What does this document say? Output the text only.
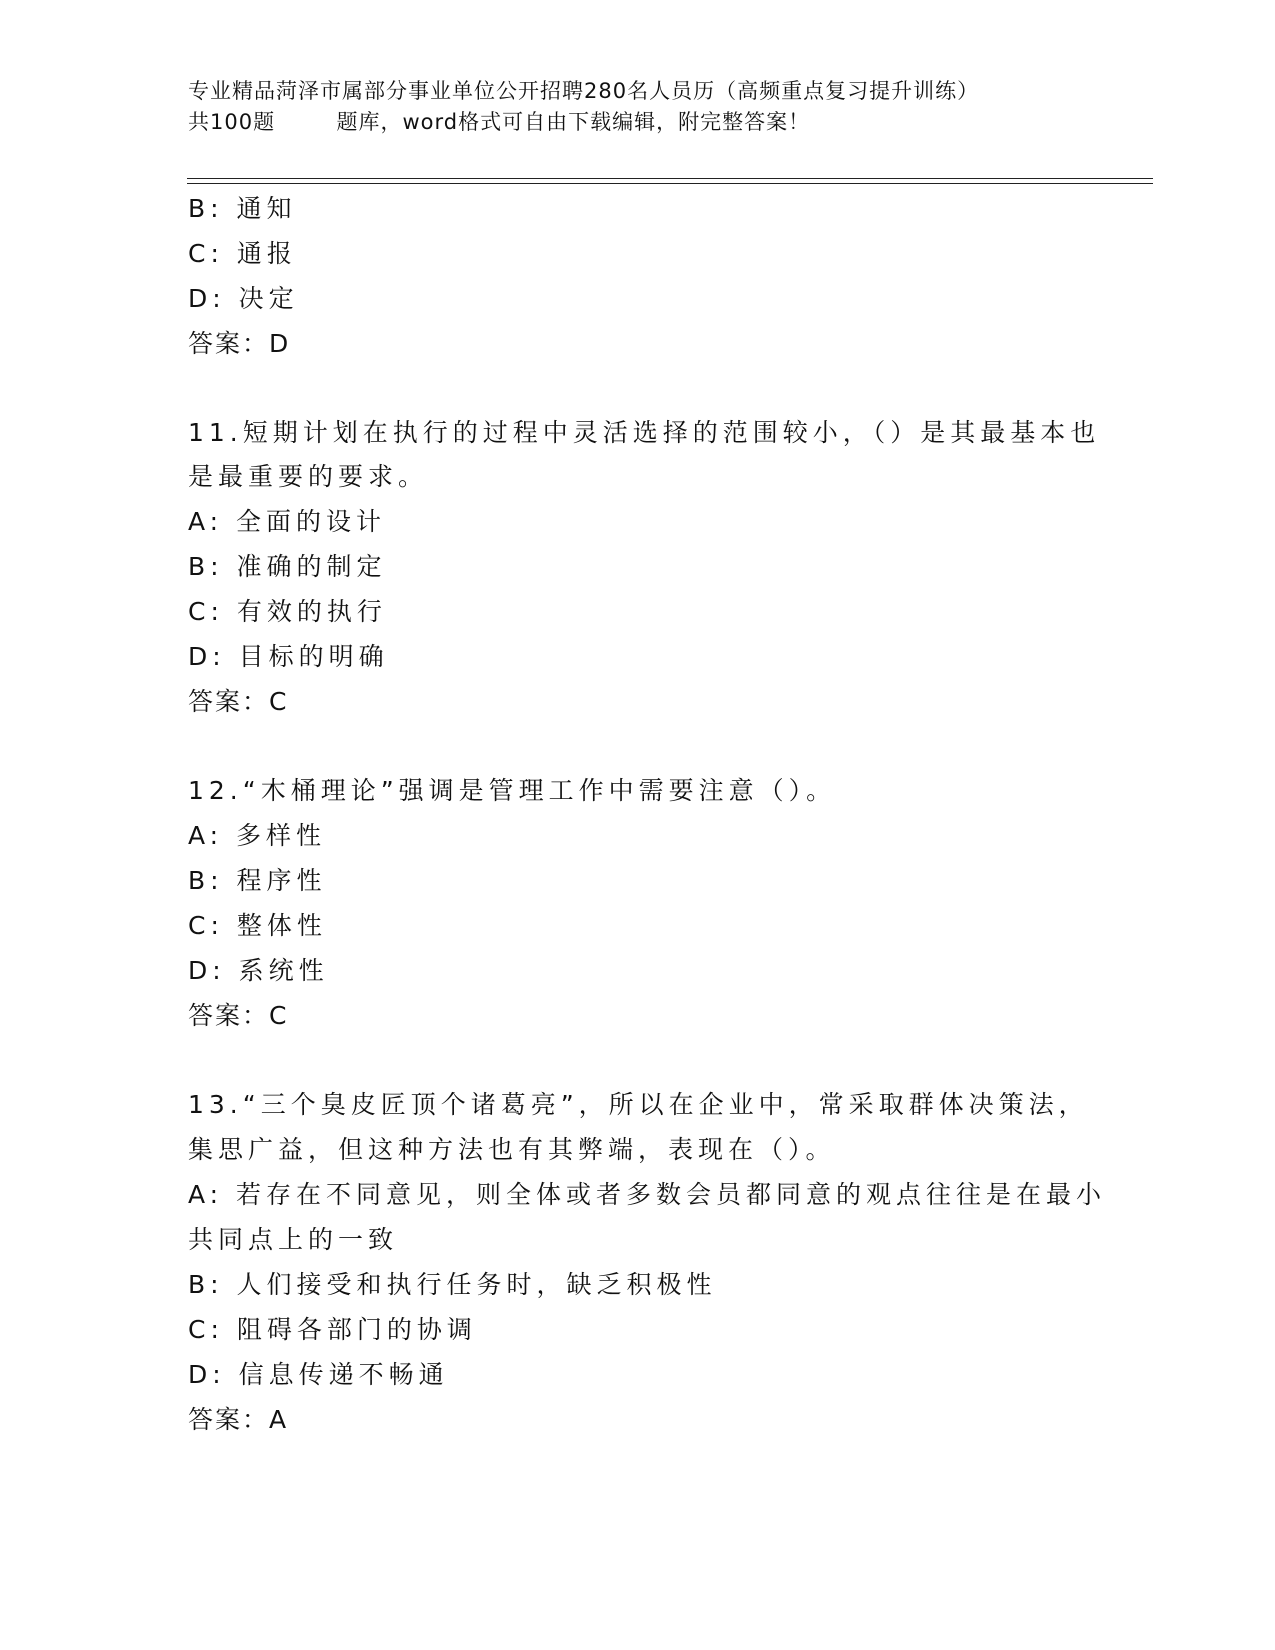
专业精品菏泽市属部分事业单位公开招聘280名人员历（高频重点复习提升训练）
共100题        题库，word格式可自由下载编辑，附完整答案！
B: 通知
C: 通报
D: 决定
答案：D
11.短期计划在执行的过程中灵活选择的范围较小，（）是其最基本也
是最重要的要求。
A: 全面的设计
B: 准确的制定
C: 有效的执行
D: 目标的明确
答案：C
12.“木桶理论”强调是管理工作中需要注意（）。
A: 多样性
B: 程序性
C: 整体性
D: 系统性
答案：C
13.“三个臭皮匠顶个诸葛亮”，所以在企业中，常采取群体决策法，
集思广益，但这种方法也有其弊端，表现在（）。
A: 若存在不同意见，则全体或者多数会员都同意的观点往往是在最小
共同点上的一致
B: 人们接受和执行任务时，缺乏积极性
C: 阻碍各部门的协调
D: 信息传递不畅通
答案：A
